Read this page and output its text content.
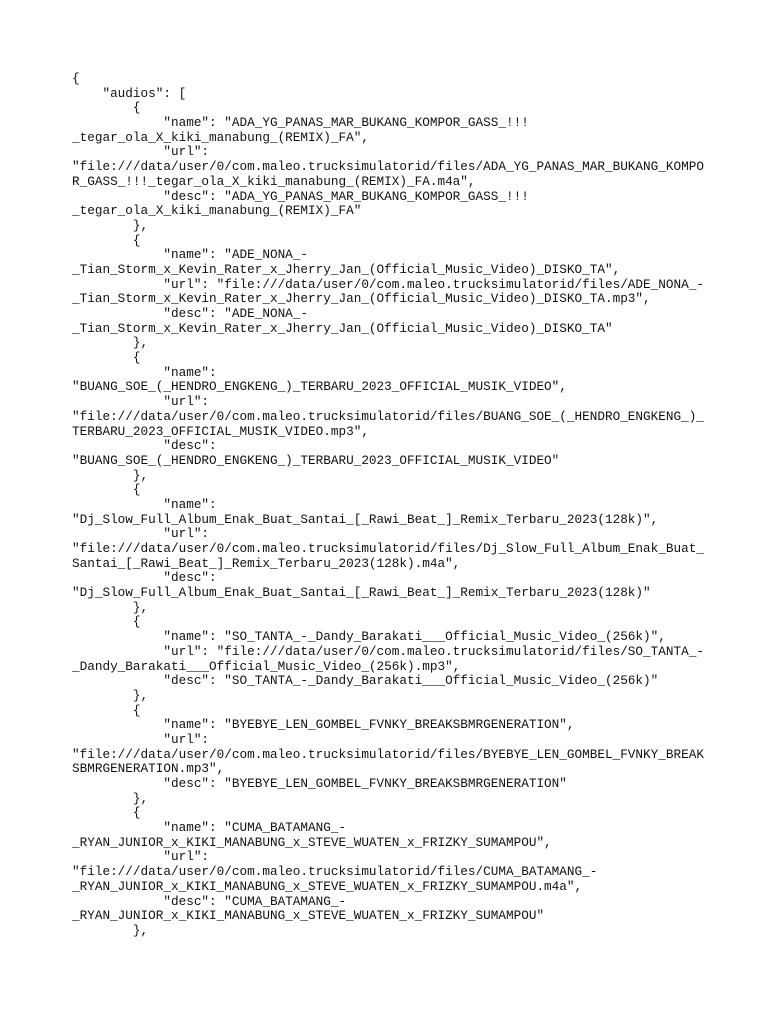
{
"audios": [
{
"name": "ADA_YG_PANAS_MAR_BUKANG_KOMPOR_GASS_!!!
_tegar_ola_X_kiki_manabung_(REMIX)_FA",
"url":
"file:///data/user/0/com.maleo.trucksimulatorid/files/ADA_YG_PANAS_MAR_BUKANG_KOMPO
R_GASS_!!!_tegar_ola_X_kiki_manabung_(REMIX)_FA.m4a",
"desc": "ADA_YG_PANAS_MAR_BUKANG_KOMPOR_GASS_!!!
_tegar_ola_X_kiki_manabung_(REMIX)_FA"
},
{
"name": "ADE_NONA_-
_Tian_Storm_x_Kevin_Rater_x_Jherry_Jan_(Official_Music_Video)_DISKO_TA",
"url": "file:///data/user/0/com.maleo.trucksimulatorid/files/ADE_NONA_-
_Tian_Storm_x_Kevin_Rater_x_Jherry_Jan_(Official_Music_Video)_DISKO_TA.mp3",
"desc": "ADE_NONA_-
_Tian_Storm_x_Kevin_Rater_x_Jherry_Jan_(Official_Music_Video)_DISKO_TA"
},
{
"name":
"BUANG_SOE_(_HENDRO_ENGKENG_)_TERBARU_2023_OFFICIAL_MUSIK_VIDEO",
"url":
"file:///data/user/0/com.maleo.trucksimulatorid/files/BUANG_SOE_(_HENDRO_ENGKENG_)_
TERBARU_2023_OFFICIAL_MUSIK_VIDEO.mp3",
"desc":
"BUANG_SOE_(_HENDRO_ENGKENG_)_TERBARU_2023_OFFICIAL_MUSIK_VIDEO"
},
{
"name":
"Dj_Slow_Full_Album_Enak_Buat_Santai_[_Rawi_Beat_]_Remix_Terbaru_2023(128k)",
"url":
"file:///data/user/0/com.maleo.trucksimulatorid/files/Dj_Slow_Full_Album_Enak_Buat_
Santai_[_Rawi_Beat_]_Remix_Terbaru_2023(128k).m4a",
"desc":
"Dj_Slow_Full_Album_Enak_Buat_Santai_[_Rawi_Beat_]_Remix_Terbaru_2023(128k)"
},
{
"name": "SO_TANTA_-_Dandy_Barakati___Official_Music_Video_(256k)",
"url": "file:///data/user/0/com.maleo.trucksimulatorid/files/SO_TANTA_-
_Dandy_Barakati___Official_Music_Video_(256k).mp3",
"desc": "SO_TANTA_-_Dandy_Barakati___Official_Music_Video_(256k)"
},
{
"name": "BYEBYE_LEN_GOMBEL_FVNKY_BREAKSBMRGENERATION",
"url":
"file:///data/user/0/com.maleo.trucksimulatorid/files/BYEBYE_LEN_GOMBEL_FVNKY_BREAK
SBMRGENERATION.mp3",
"desc": "BYEBYE_LEN_GOMBEL_FVNKY_BREAKSBMRGENERATION"
},
{
"name": "CUMA_BATAMANG_-
_RYAN_JUNIOR_x_KIKI_MANABUNG_x_STEVE_WUATEN_x_FRIZKY_SUMAMPOU",
"url":
"file:///data/user/0/com.maleo.trucksimulatorid/files/CUMA_BATAMANG_-
_RYAN_JUNIOR_x_KIKI_MANABUNG_x_STEVE_WUATEN_x_FRIZKY_SUMAMPOU.m4a",
"desc": "CUMA_BATAMANG_-
_RYAN_JUNIOR_x_KIKI_MANABUNG_x_STEVE_WUATEN_x_FRIZKY_SUMAMPOU"
},
